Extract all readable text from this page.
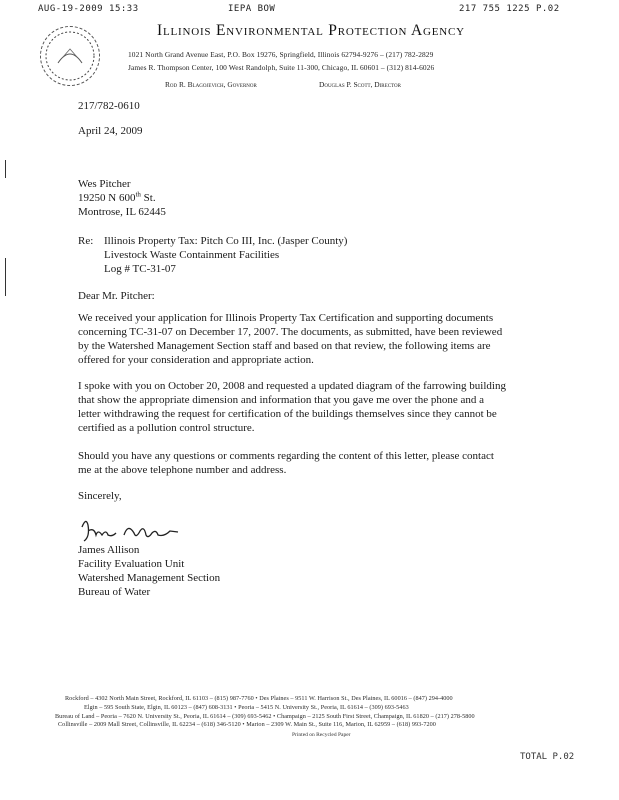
AUG-19-2009 15:33	IEPA BOW	217 755 1225 P.02
Illinois Environmental Protection Agency
1021 North Grand Avenue East, P.O. Box 19276, Springfield, Illinois 62794-9276 – (217) 782-2829
James R. Thompson Center, 100 West Randolph, Suite 11-300, Chicago, IL 60601 – (312) 814-6026
Rod R. Blagojevich, Governor	Douglas P. Scott, Director
217/782-0610
April 24, 2009
Wes Pitcher
19250 N 600th St.
Montrose, IL 62445
Re: Illinois Property Tax: Pitch Co III, Inc. (Jasper County)
Livestock Waste Containment Facilities
Log # TC-31-07
Dear Mr. Pitcher:
We received your application for Illinois Property Tax Certification and supporting documents
concerning TC-31-07 on December 17, 2007. The documents, as submitted, have been reviewed
by the Watershed Management Section staff and based on that review, the following items are
offered for your consideration and appropriate action.
I spoke with you on October 20, 2008 and requested a updated diagram of the farrowing building
that show the appropriate dimension and information that you gave me over the phone and a
letter withdrawing the request for certification of the buildings themselves since they cannot be
certified as a pollution control structure.
Should you have any questions or comments regarding the content of this letter, please contact
me at the above telephone number and address.
Sincerely,
James Allison
Facility Evaluation Unit
Watershed Management Section
Bureau of Water
Rockford – 4302 North Main Street, Rockford, IL 61103 – (815) 987-7760 • Des Plaines – 9511 W. Harrison St., Des Plaines, IL 60016 – (847) 294-4000
Elgin – 595 South State, Elgin, IL 60123 – (847) 608-3131 • Peoria – 5415 N. University St., Peoria, IL 61614 – (309) 693-5463
Bureau of Land – Peoria – 7620 N. University St., Peoria, IL 61614 – (309) 693-5462 • Champaign – 2125 South First Street, Champaign, IL 61820 – (217) 278-5800
Collinsville – 2009 Mall Street, Collinsville, IL 62234 – (618) 346-5120 • Marion – 2309 W. Main St., Suite 116, Marion, IL 62959 – (618) 993-7200
Printed on Recycled Paper
TOTAL P.02
